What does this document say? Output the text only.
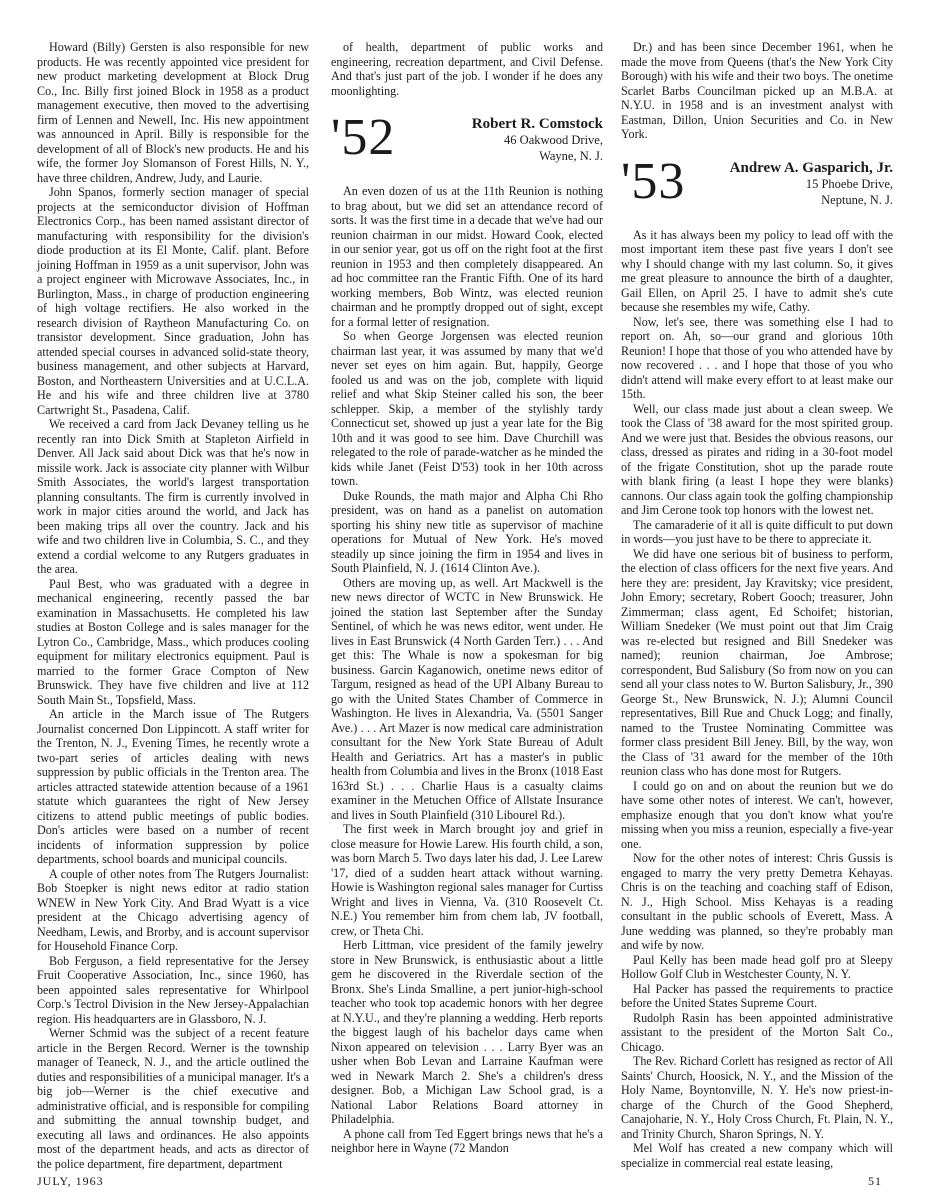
Howard (Billy) Gersten is also responsible for new products. He was recently appointed vice president for new product marketing development at Block Drug Co., Inc. Billy first joined Block in 1958 as a product management executive, then moved to the advertising firm of Lennen and Newell, Inc. His new appointment was announced in April. Billy is responsible for the development of all of Block's new products. He and his wife, the former Joy Slomanson of Forest Hills, N. Y., have three children, Andrew, Judy, and Laurie.

John Spanos, formerly section manager of special projects at the semiconductor division of Hoffman Electronics Corp., has been named assistant director of manufacturing with responsibility for the division's diode production at its El Monte, Calif. plant. Before joining Hoffman in 1959 as a unit supervisor, John was a project engineer with Microwave Associates, Inc., in Burlington, Mass., in charge of production engineering of high voltage rectifiers. He also worked in the research division of Raytheon Manufacturing Co. on transistor development. Since graduation, John has attended special courses in advanced solid-state theory, business management, and other subjects at Harvard, Boston, and Northeastern Universities and at U.C.L.A. He and his wife and three children live at 3780 Cartwright St., Pasadena, Calif.

We received a card from Jack Devaney telling us he recently ran into Dick Smith at Stapleton Airfield in Denver. All Jack said about Dick was that he's now in missile work. Jack is associate city planner with Wilbur Smith Associates, the world's largest transportation planning consultants. The firm is currently involved in work in major cities around the world, and Jack has been making trips all over the country. Jack and his wife and two children live in Columbia, S. C., and they extend a cordial welcome to any Rutgers graduates in the area.

Paul Best, who was graduated with a degree in mechanical engineering, recently passed the bar examination in Massachusetts. He completed his law studies at Boston College and is sales manager for the Lytron Co., Cambridge, Mass., which produces cooling equipment for military electronics equipment. Paul is married to the former Grace Compton of New Brunswick. They have five children and live at 112 South Main St., Topsfield, Mass.

An article in the March issue of The Rutgers Journalist concerned Don Lippincott. A staff writer for the Trenton, N. J., Evening Times, he recently wrote a two-part series of articles dealing with news suppression by public officials in the Trenton area. The articles attracted statewide attention because of a 1961 statute which guarantees the right of New Jersey citizens to attend public meetings of public bodies. Don's articles were based on a number of recent incidents of information suppression by police departments, school boards and municipal councils.

A couple of other notes from The Rutgers Journalist: Bob Stoepker is night news editor at radio station WNEW in New York City. And Brad Wyatt is a vice president at the Chicago advertising agency of Needham, Lewis, and Brorby, and is account supervisor for Household Finance Corp.

Bob Ferguson, a field representative for the Jersey Fruit Cooperative Association, Inc., since 1960, has been appointed sales representative for Whirlpool Corp.'s Tectrol Division in the New Jersey-Appalachian region. His headquarters are in Glassboro, N. J.

Werner Schmid was the subject of a recent feature article in the Bergen Record. Werner is the township manager of Teaneck, N. J., and the article outlined the duties and responsibilities of a municipal manager. It's a big job—Werner is the chief executive and administrative official, and is responsible for compiling and submitting the annual township budget, and executing all laws and ordinances. He also appoints most of the department heads, and acts as director of the police department, fire department, department

of health, department of public works and engineering, recreation department, and Civil Defense. And that's just part of the job. I wonder if he does any moonlighting.

'52	Robert R. Comstock
46 Oakwood Drive,
Wayne, N. J.

An even dozen of us at the 11th Reunion is nothing to brag about, but we did set an attendance record of sorts. It was the first time in a decade that we've had our reunion chairman in our midst. Howard Cook, elected in our senior year, got us off on the right foot at the first reunion in 1953 and then completely disappeared. An ad hoc committee ran the Frantic Fifth. One of its hard working members, Bob Wintz, was elected reunion chairman and he promptly dropped out of sight, except for a formal letter of resignation.

So when George Jorgensen was elected reunion chairman last year, it was assumed by many that we'd never set eyes on him again. But, happily, George fooled us and was on the job, complete with liquid relief and what Skip Steiner called his son, the beer schlepper. Skip, a member of the stylishly tardy Connecticut set, showed up just a year late for the Big 10th and it was good to see him. Dave Churchill was relegated to the role of parade-watcher as he minded the kids while Janet (Feist D'53) took in her 10th across town.

Duke Rounds, the math major and Alpha Chi Rho president, was on hand as a panelist on automation sporting his shiny new title as supervisor of machine operations for Mutual of New York. He's moved steadily up since joining the firm in 1954 and lives in South Plainfield, N. J. (1614 Clinton Ave.).

Others are moving up, as well. Art Mackwell is the new news director of WCTC in New Brunswick. He joined the station last September after the Sunday Sentinel, of which he was news editor, went under. He lives in East Brunswick (4 North Garden Terr.) . . . And get this: The Whale is now a spokesman for big business. Garcin Kaganowich, onetime news editor of Targum, resigned as head of the UPI Albany Bureau to go with the United States Chamber of Commerce in Washington. He lives in Alexandria, Va. (5501 Sanger Ave.) . . . Art Mazer is now medical care administration consultant for the New York State Bureau of Adult Health and Geriatrics. Art has a master's in public health from Columbia and lives in the Bronx (1018 East 163rd St.) . . . Charlie Haus is a casualty claims examiner in the Metuchen Office of Allstate Insurance and lives in South Plainfield (310 Libourel Rd.).

The first week in March brought joy and grief in close measure for Howie Larew. His fourth child, a son, was born March 5. Two days later his dad, J. Lee Larew '17, died of a sudden heart attack without warning. Howie is Washington regional sales manager for Curtiss Wright and lives in Vienna, Va. (310 Roosevelt Ct. N.E.) You remember him from chem lab, JV football, crew, or Theta Chi.

Herb Littman, vice president of the family jewelry store in New Brunswick, is enthusiastic about a little gem he discovered in the Riverdale section of the Bronx. She's Linda Smalline, a pert junior-high-school teacher who took top academic honors with her degree at N.Y.U., and they're planning a wedding. Herb reports the biggest laugh of his bachelor days came when Nixon appeared on television . . . Larry Byer was an usher when Bob Levan and Larraine Kaufman were wed in Newark March 2. She's a children's dress designer. Bob, a Michigan Law School grad, is a National Labor Relations Board attorney in Philadelphia.

A phone call from Ted Eggert brings news that he's a neighbor here in Wayne (72 Mandon

Dr.) and has been since December 1961, when he made the move from Queens (that's the New York City Borough) with his wife and their two boys. The onetime Scarlet Barbs Councilman picked up an M.B.A. at N.Y.U. in 1958 and is an investment analyst with Eastman, Dillon, Union Securities and Co. in New York.

'53	Andrew A. Gasparich, Jr.
15 Phoebe Drive,
Neptune, N. J.

As it has always been my policy to lead off with the most important item these past five years I don't see why I should change with my last column. So, it gives me great pleasure to announce the birth of a daughter, Gail Ellen, on April 25. I have to admit she's cute because she resembles my wife, Cathy.

Now, let's see, there was something else I had to report on. Ah, so—our grand and glorious 10th Reunion! I hope that those of you who attended have by now recovered . . . and I hope that those of you who didn't attend will make every effort to at least make our 15th.

Well, our class made just about a clean sweep. We took the Class of '38 award for the most spirited group. And we were just that. Besides the obvious reasons, our class, dressed as pirates and riding in a 30-foot model of the frigate Constitution, shot up the parade route with blank firing (a least I hope they were blanks) cannons. Our class again took the golfing championship and Jim Cerone took top honors with the lowest net.

The camaraderie of it all is quite difficult to put down in words—you just have to be there to appreciate it.

We did have one serious bit of business to perform, the election of class officers for the next five years. And here they are: president, Jay Kravitsky; vice president, John Emory; secretary, Robert Gooch; treasurer, John Zimmerman; class agent, Ed Schoifet; historian, William Snedeker (We must point out that Jim Craig was re-elected but resigned and Bill Snedeker was named); reunion chairman, Joe Ambrose; correspondent, Bud Salisbury (So from now on you can send all your class notes to W. Burton Salisbury, Jr., 390 George St., New Brunswick, N. J.); Alumni Council representatives, Bill Rue and Chuck Logg; and finally, named to the Trustee Nominating Committee was former class president Bill Jeney. Bill, by the way, won the Class of '31 award for the member of the 10th reunion class who has done most for Rutgers.

I could go on and on about the reunion but we do have some other notes of interest. We can't, however, emphasize enough that you don't know what you're missing when you miss a reunion, especially a five-year one.

Now for the other notes of interest: Chris Gussis is engaged to marry the very pretty Demetra Kehayas. Chris is on the teaching and coaching staff of Edison, N. J., High School. Miss Kehayas is a reading consultant in the public schools of Everett, Mass. A June wedding was planned, so they're probably man and wife by now.

Paul Kelly has been made head golf pro at Sleepy Hollow Golf Club in Westchester County, N. Y.

Hal Packer has passed the requirements to practice before the United States Supreme Court.

Rudolph Rasin has been appointed administrative assistant to the president of the Morton Salt Co., Chicago.

The Rev. Richard Corlett has resigned as rector of All Saints' Church, Hoosick, N. Y., and the Mission of the Holy Name, Boyntonville, N. Y. He's now priest-in-charge of the Church of the Good Shepherd, Canajoharie, N. Y., Holy Cross Church, Ft. Plain, N. Y., and Trinity Church, Sharon Springs, N. Y.

Mel Wolf has created a new company which will specialize in commercial real estate leasing,

JULY, 1963	51
